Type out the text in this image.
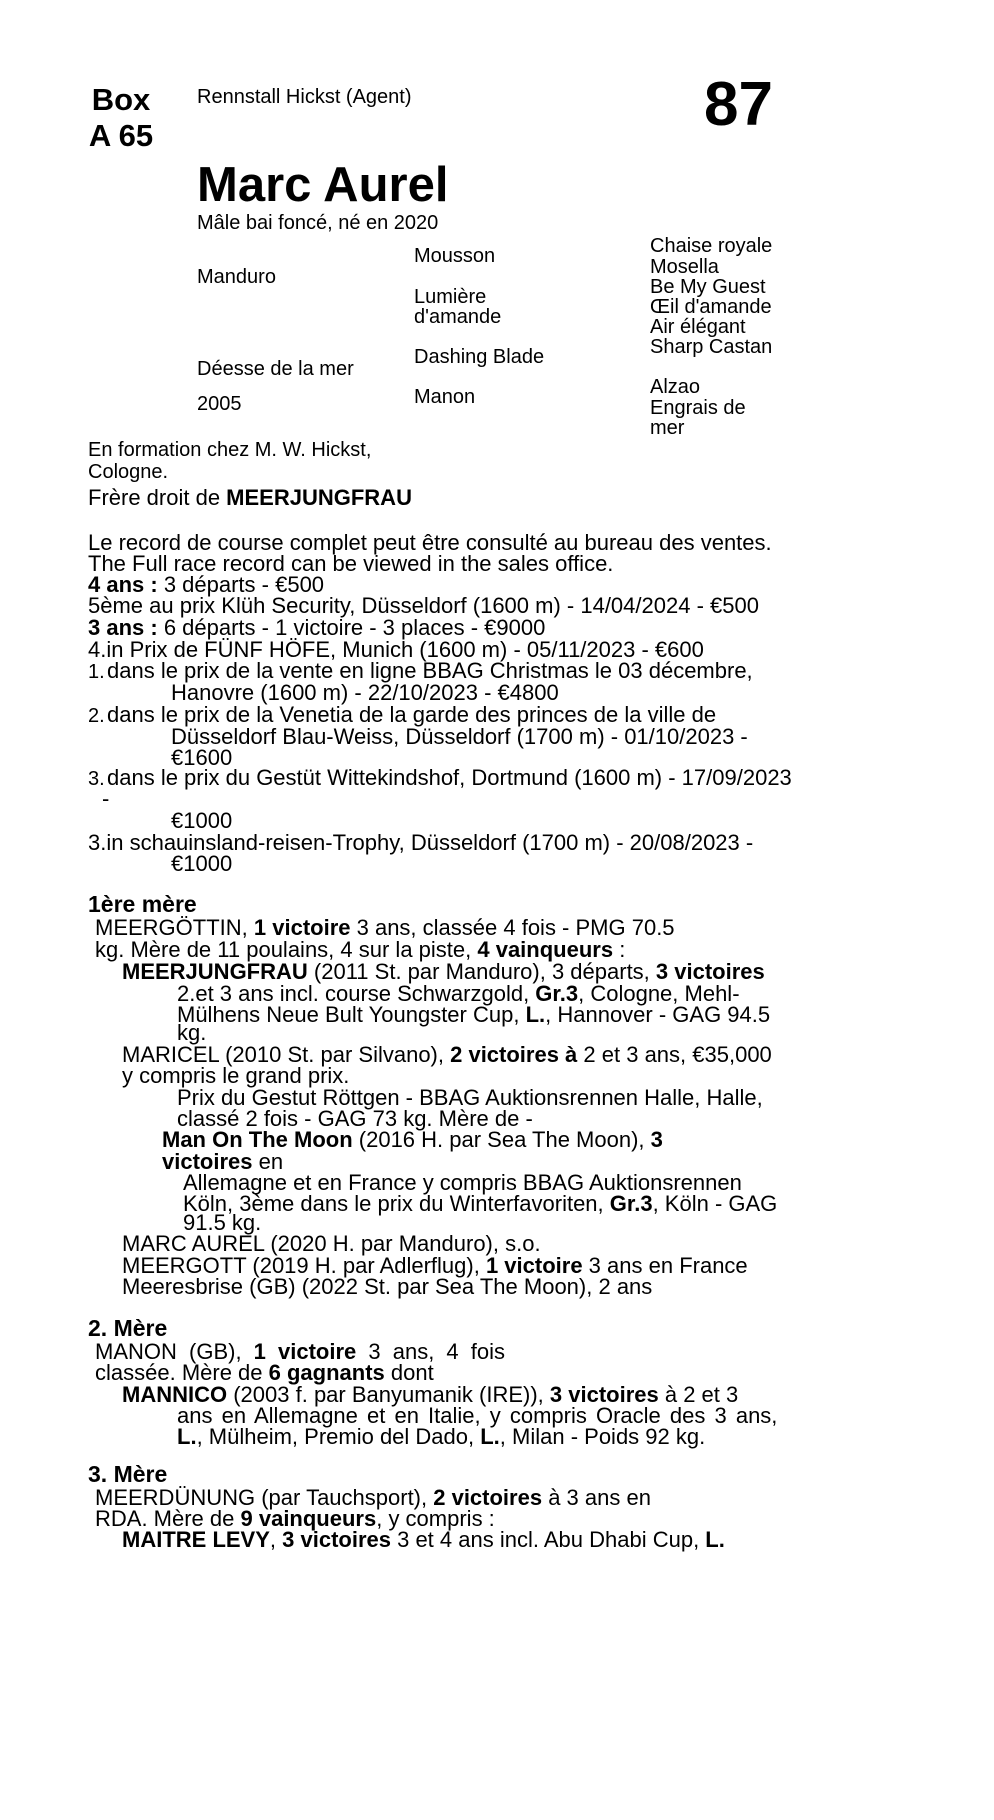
Box
A 65
Rennstall Hickst (Agent)	87
Marc Aurel
Mâle bai foncé, né en 2020
Manduro
Déesse de la mer
2005
Mousson
Lumière
d'amande
Dashing Blade
Manon
Chaise royale
Mosella
Be My Guest
Œil d'amande
Air élégant
Sharp Castan
Alzao
Engrais de
mer
En formation chez M. W. Hickst,
Cologne.
Frère droit de MEERJUNGFRAU
Le record de course complet peut être consulté au bureau des ventes.
The Full race record can be viewed in the sales office.
4 ans : 3 départs - €500
5ème au prix Klüh Security, Düsseldorf (1600 m) - 14/04/2024 - €500
3 ans : 6 départs - 1 victoire - 3 places - €9000
4.in Prix de FÜNF HÖFE, Munich (1600 m) - 05/11/2023 - €600
1. dans le prix de la vente en ligne BBAG Christmas le 03 décembre,
Hanovre (1600 m) - 22/10/2023 - €4800
2. dans le prix de la Venetia de la garde des princes de la ville de
Düsseldorf Blau-Weiss, Düsseldorf (1700 m) - 01/10/2023 -
€1600
3. dans le prix du Gestüt Wittekindshof, Dortmund (1600 m) - 17/09/2023
-
€1000
3.in schauinsland-reisen-Trophy, Düsseldorf (1700 m) - 20/08/2023 -
€1000
1ère mère
MEERGÖTTIN, 1 victoire 3 ans, classée 4 fois - PMG 70.5
kg. Mère de 11 poulains, 4 sur la piste, 4 vainqueurs :
MEERJUNGFRAU (2011 St. par Manduro), 3 départs, 3 victoires
2.et 3 ans incl. course Schwarzgold, Gr.3, Cologne, Mehl-
Mülhens Neue Bult Youngster Cup, L., Hannover - GAG 94.5
kg.
MARICEL (2010 St. par Silvano), 2 victoires à 2 et 3 ans, €35,000
y compris le grand prix.
Prix du Gestut Röttgen - BBAG Auktionsrennen Halle, Halle,
classé 2 fois - GAG 73 kg. Mère de -
Man On The Moon (2016 H. par Sea The Moon), 3
victoires en
Allemagne et en France y compris BBAG Auktionsrennen
Köln, 3ème dans le prix du Winterfavoriten, Gr.3, Köln - GAG
91.5 kg.
MARC AUREL (2020 H. par Manduro), s.o.
MEERGOTT (2019 H. par Adlerflug), 1 victoire 3 ans en France
Meeresbrise (GB) (2022 St. par Sea The Moon), 2 ans
2. Mère
MANON (GB), 1 victoire 3 ans, 4 fois
classée. Mère de 6 gagnants dont
MANNICO (2003 f. par Banyumanik (IRE)), 3 victoires à 2 et 3
ans en Allemagne et en Italie, y compris Oracle des 3 ans,
L., Mülheim, Premio del Dado, L., Milan - Poids 92 kg.
3. Mère
MEERDÜNUNG (par Tauchsport), 2 victoires à 3 ans en
RDA. Mère de 9 vainqueurs, y compris :
MAITRE LEVY, 3 victoires 3 et 4 ans incl. Abu Dhabi Cup, L.
